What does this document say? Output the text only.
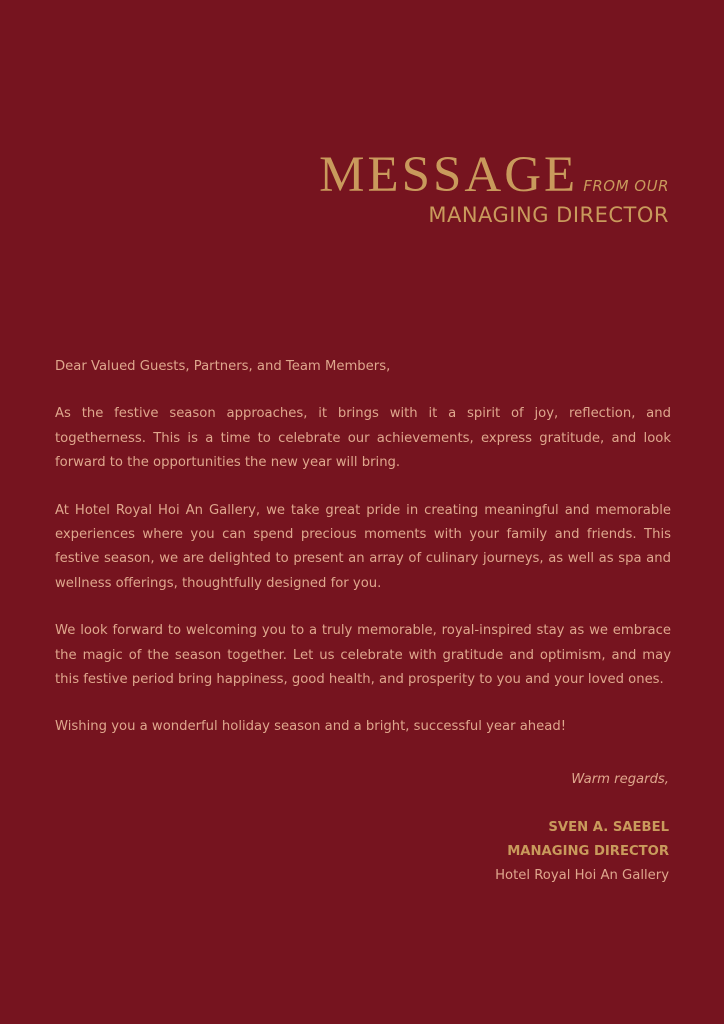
MESSAGE FROM OUR
MANAGING DIRECTOR

Dear Valued Guests, Partners, and Team Members,

As the festive season approaches, it brings with it a spirit of joy, reflection, and togetherness. This is a time to celebrate our achievements, express gratitude, and look forward to the opportunities the new year will bring.

At Hotel Royal Hoi An Gallery, we take great pride in creating meaningful and memorable experiences where you can spend precious moments with your family and friends. This festive season, we are delighted to present an array of culinary journeys, as well as spa and wellness offerings, thoughtfully designed for you.

We look forward to welcoming you to a truly memorable, royal-inspired stay as we embrace the magic of the season together. Let us celebrate with gratitude and optimism, and may this festive period bring happiness, good health, and prosperity to you and your loved ones.

Wishing you a wonderful holiday season and a bright, successful year ahead!

Warm regards,
SVEN A. SAEBEL
MANAGING DIRECTOR
Hotel Royal Hoi An Gallery
